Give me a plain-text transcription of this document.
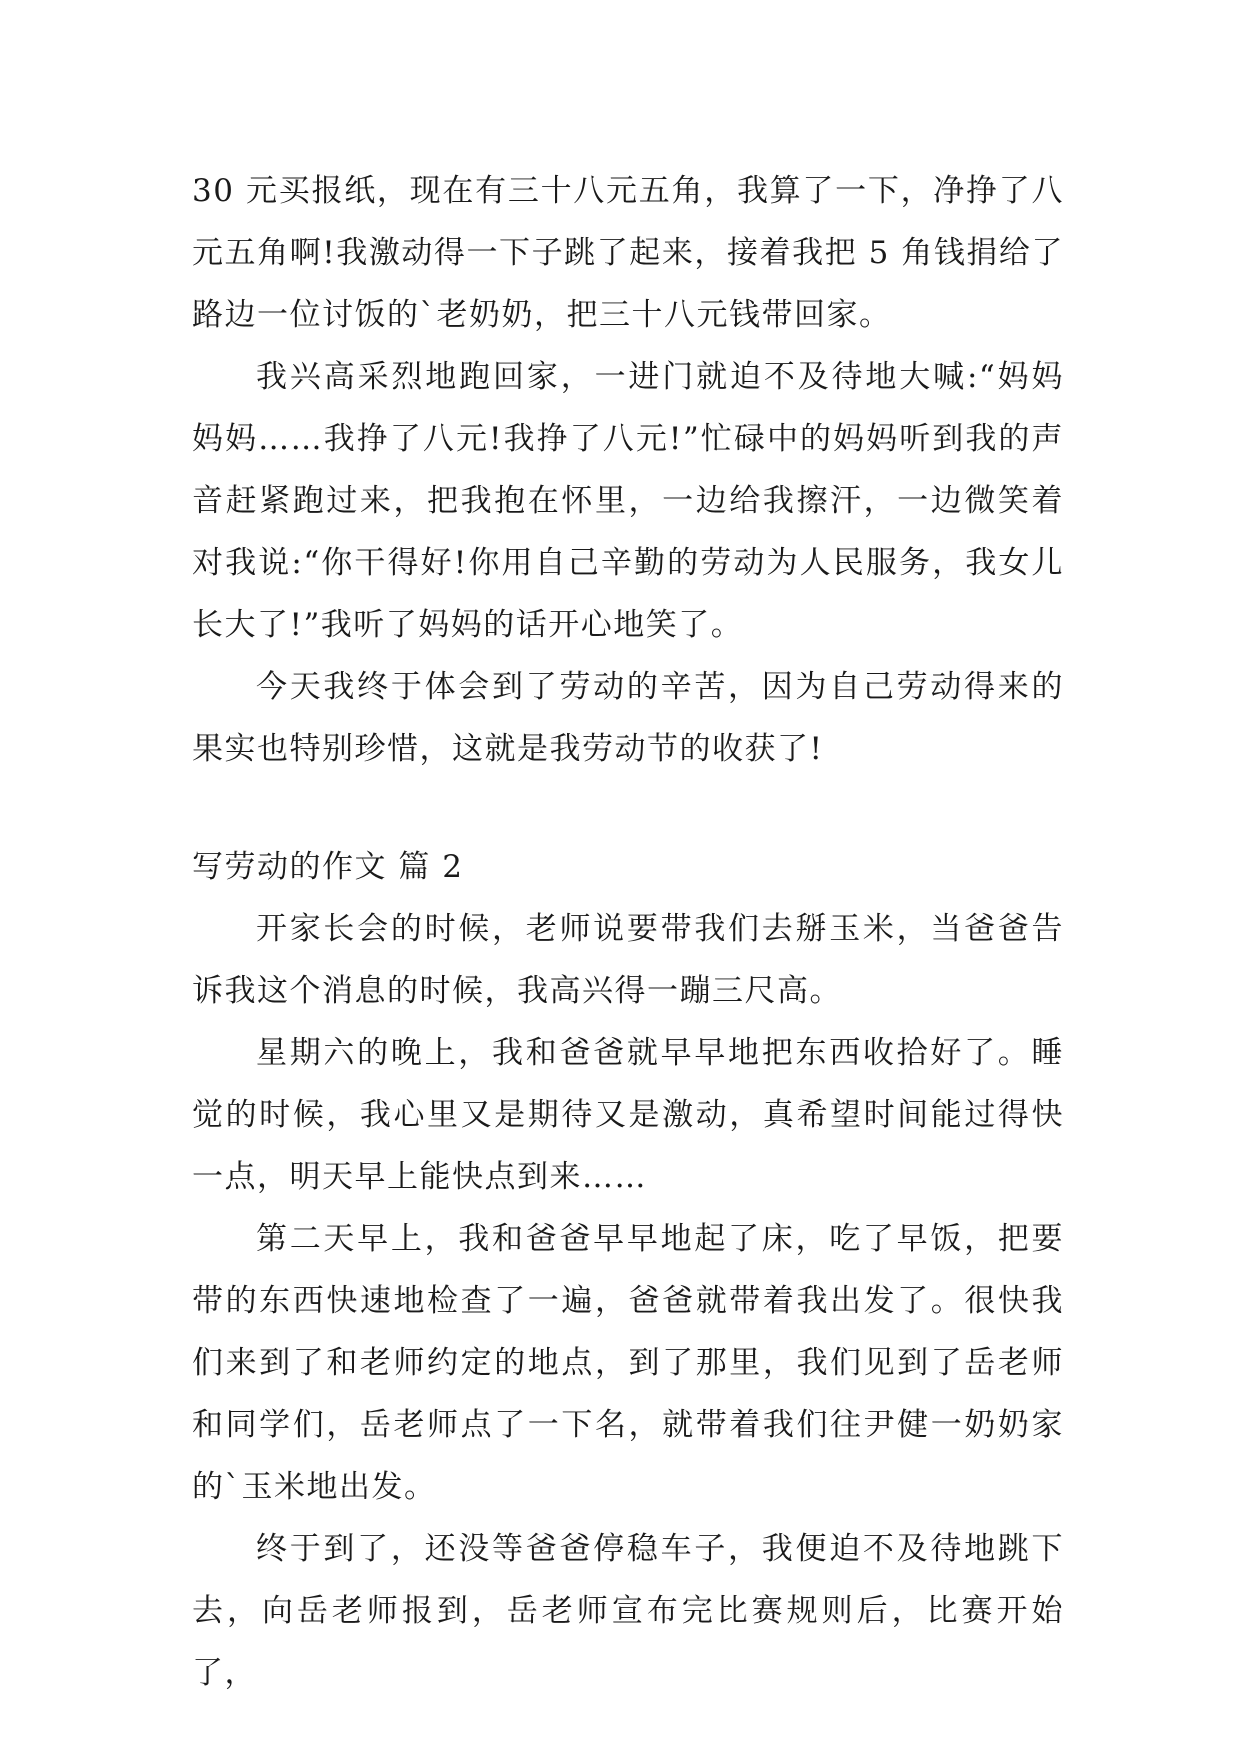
30 元买报纸，现在有三十八元五角，我算了一下，净挣了八元五角啊!我激动得一下子跳了起来，接着我把 5 角钱捐给了路边一位讨饭的`老奶奶，把三十八元钱带回家。

我兴高采烈地跑回家，一进门就迫不及待地大喊:“妈妈妈妈……我挣了八元!我挣了八元!”忙碌中的妈妈听到我的声音赶紧跑过来，把我抱在怀里，一边给我擦汗，一边微笑着对我说:“你干得好!你用自己辛勤的劳动为人民服务，我女儿长大了!”我听了妈妈的话开心地笑了。

今天我终于体会到了劳动的辛苦，因为自己劳动得来的果实也特别珍惜，这就是我劳动节的收获了!

写劳动的作文 篇 2

开家长会的时候，老师说要带我们去掰玉米，当爸爸告诉我这个消息的时候，我高兴得一蹦三尺高。

星期六的晚上，我和爸爸就早早地把东西收拾好了。睡觉的时候，我心里又是期待又是激动，真希望时间能过得快一点，明天早上能快点到来……

第二天早上，我和爸爸早早地起了床，吃了早饭，把要带的东西快速地检查了一遍，爸爸就带着我出发了。很快我们来到了和老师约定的地点，到了那里，我们见到了岳老师和同学们，岳老师点了一下名，就带着我们往尹健一奶奶家的`玉米地出发。

终于到了，还没等爸爸停稳车子，我便迫不及待地跳下去，向岳老师报到，岳老师宣布完比赛规则后，比赛开始了，
